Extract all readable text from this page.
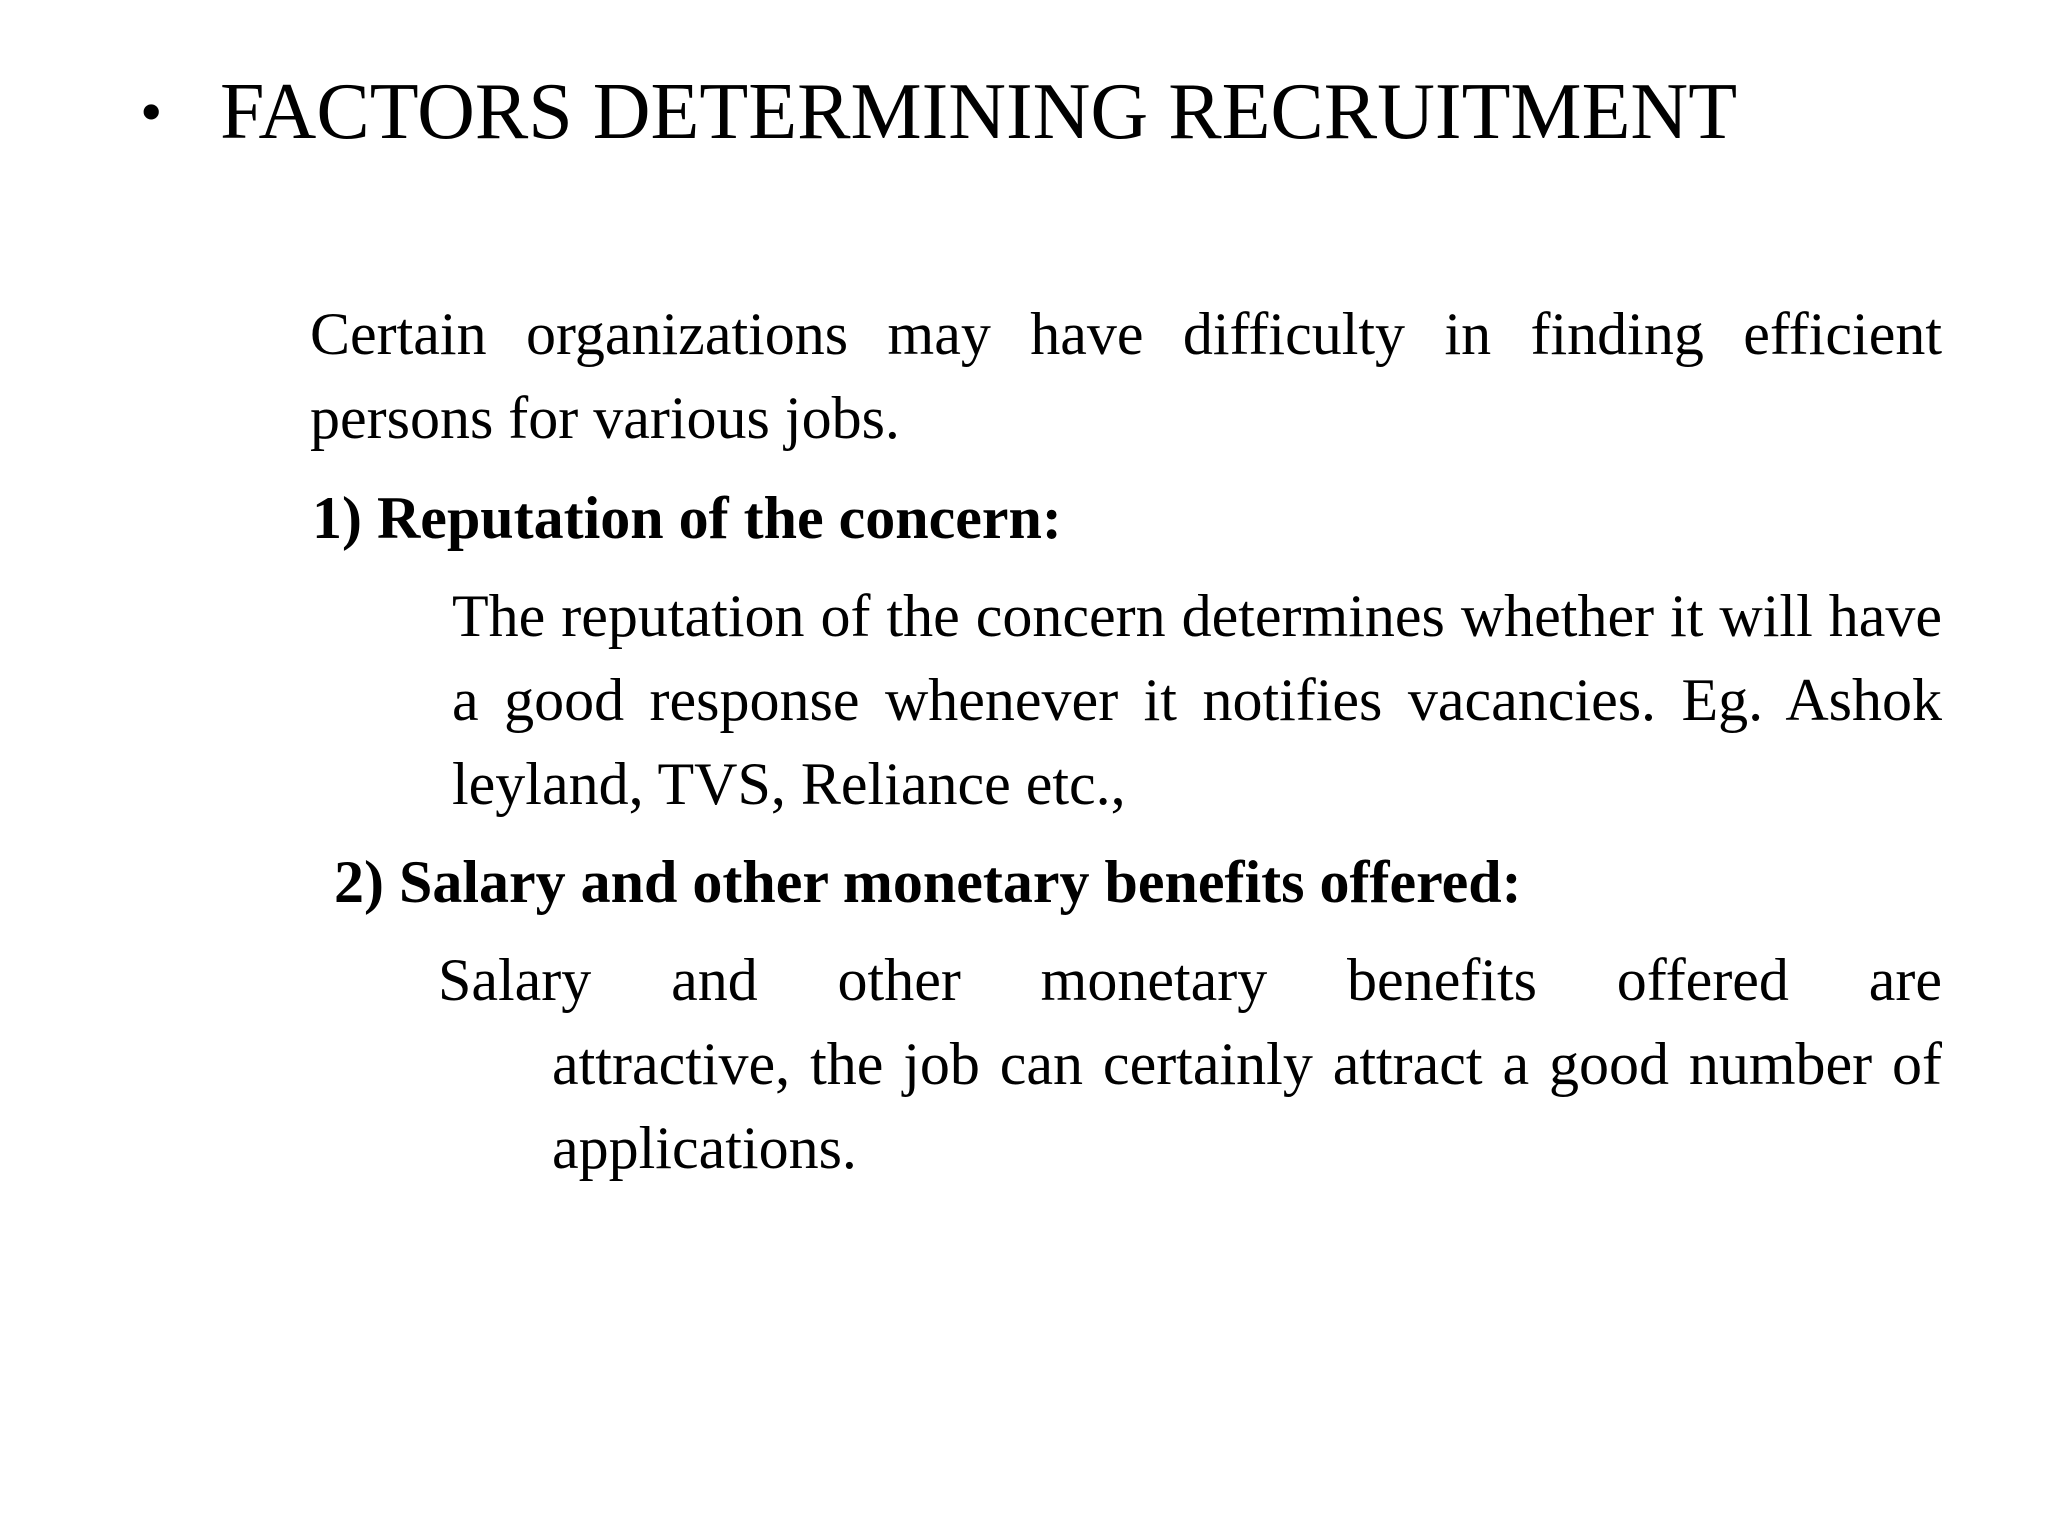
• FACTORS DETERMINING RECRUITMENT
Certain organizations may have difficulty in finding efficient persons for various jobs.
1) Reputation of the concern:
The reputation of the concern determines whether it will have a good response whenever it notifies vacancies. Eg. Ashok leyland, TVS, Reliance etc.,
2) Salary and other monetary benefits offered:
Salary and other monetary benefits offered are
attractive, the job can certainly attract a good number of applications.
